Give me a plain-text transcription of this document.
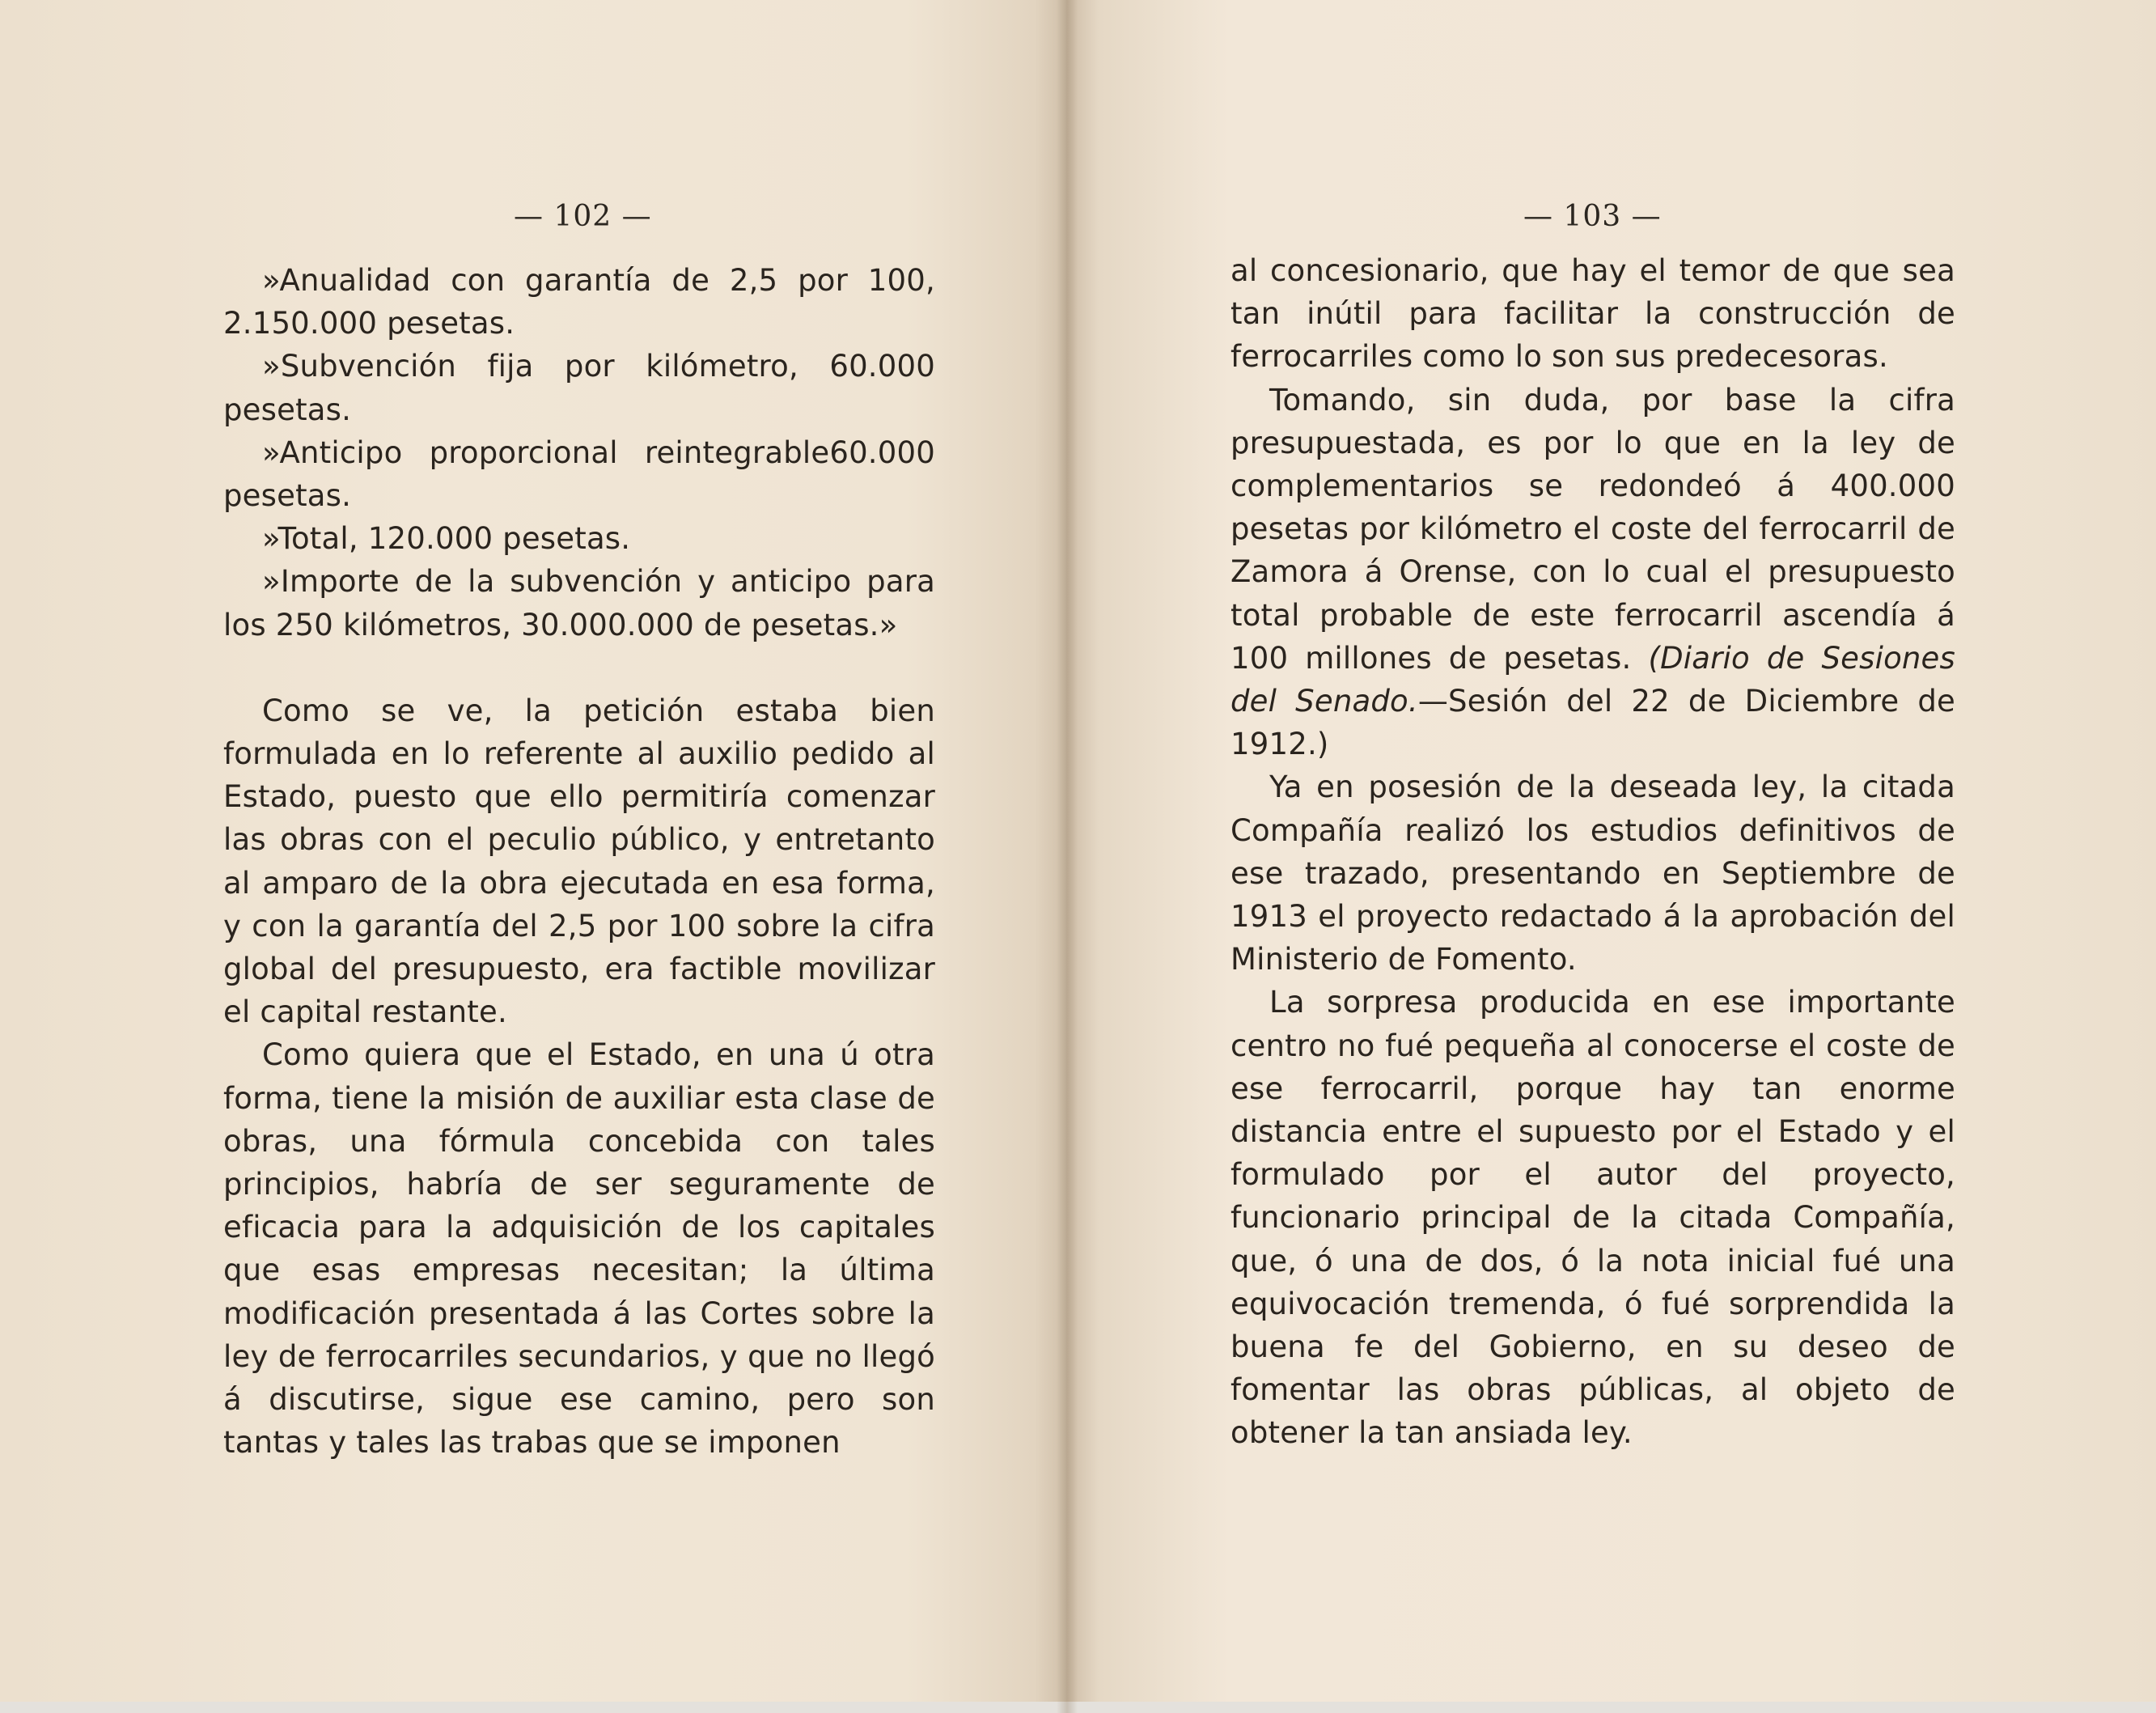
— 102 —

»Anualidad con garantía de 2,5 por 100, 2.150.000 pesetas.

»Subvención fija por kilómetro, 60.000 pesetas.

»Anticipo proporcional reintegrable60.000 pesetas.

»Total, 120.000 pesetas.

»Importe de la subvención y anticipo para los 250 kilómetros, 30.000.000 de pesetas.»

Como se ve, la petición estaba bien formulada en lo referente al auxilio pedido al Estado, puesto que ello permitiría comenzar las obras con el peculio público, y entretanto al amparo de la obra ejecutada en esa forma, y con la garantía del 2,5 por 100 sobre la cifra global del presupuesto, era factible movilizar el capital restante.

Como quiera que el Estado, en una ú otra forma, tiene la misión de auxiliar esta clase de obras, una fórmula concebida con tales principios, habría de ser seguramente de eficacia para la adquisición de los capitales que esas empresas necesitan; la última modificación presentada á las Cortes sobre la ley de ferrocarriles secundarios, y que no llegó á discutirse, sigue ese camino, pero son tantas y tales las trabas que se imponen

— 103 —

al concesionario, que hay el temor de que sea tan inútil para facilitar la construcción de ferrocarriles como lo son sus predecesoras.

Tomando, sin duda, por base la cifra presupuestada, es por lo que en la ley de complementarios se redondeó á 400.000 pesetas por kilómetro el coste del ferrocarril de Zamora á Orense, con lo cual el presupuesto total probable de este ferrocarril ascendía á 100 millones de pesetas. (Diario de Sesiones del Senado.—Sesión del 22 de Diciembre de 1912.)

Ya en posesión de la deseada ley, la citada Compañía realizó los estudios definitivos de ese trazado, presentando en Septiembre de 1913 el proyecto redactado á la aprobación del Ministerio de Fomento.

La sorpresa producida en ese importante centro no fué pequeña al conocerse el coste de ese ferrocarril, porque hay tan enorme distancia entre el supuesto por el Estado y el formulado por el autor del proyecto, funcionario principal de la citada Compañía, que, ó una de dos, ó la nota inicial fué una equivocación tremenda, ó fué sorprendida la buena fe del Gobierno, en su deseo de fomentar las obras públicas, al objeto de obtener la tan ansiada ley.
